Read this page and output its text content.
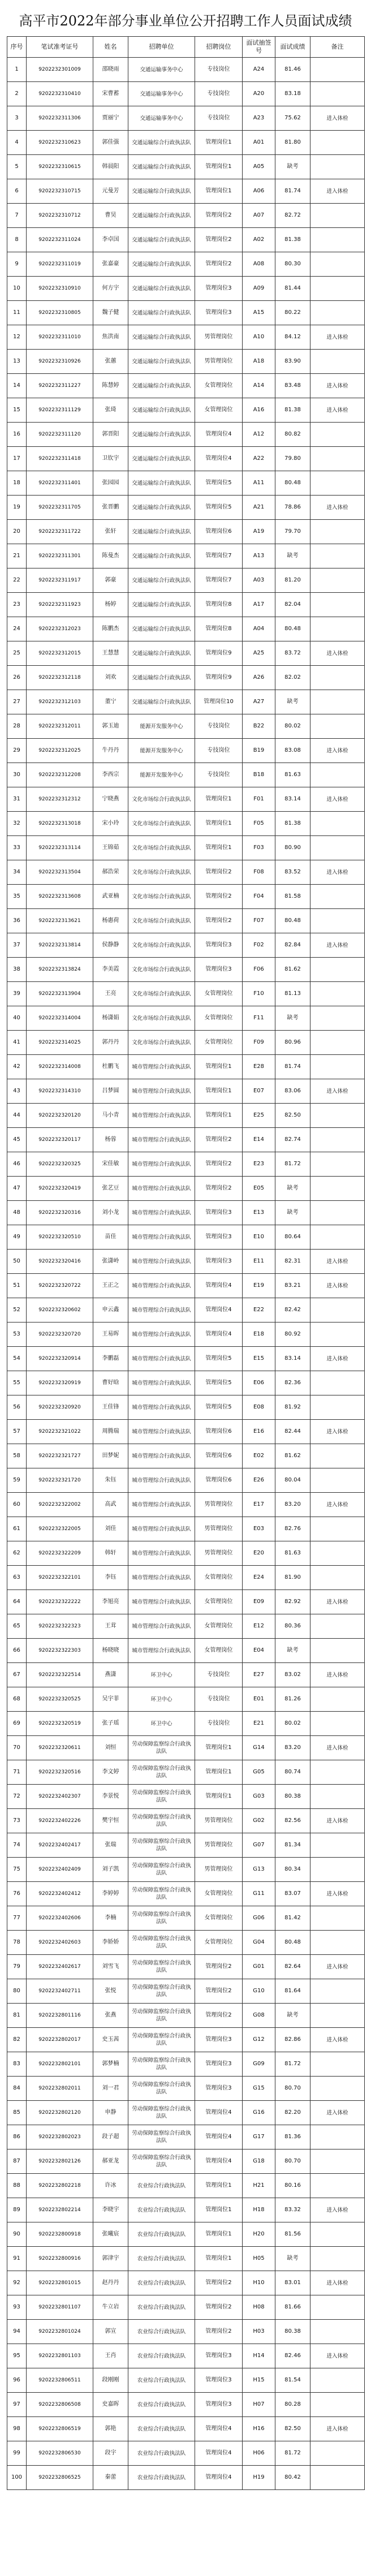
高平市2022年部分事业单位公开招聘工作人员面试成绩
序号	笔试准考证号	姓名	招聘单位	招聘岗位	面试抽签号	面试成绩	备注
1	9202232301009	邵晓雨	交通运输事务中心	专技岗位	A24	81.46	
2	9202232310410	宋曹蓄	交通运输事务中心	专技岗位	A20	83.18	
3	9202232311306	贾丽宁	交通运输事务中心	专技岗位	A23	75.62	进入体检
4	9202232310623	郭佳强	交通运输综合行政执法队	管理岗位1	A01	81.80	
5	9202232310615	韩晨阳	交通运输综合行政执法队	管理岗位1	A05	缺考	
6	9202232310715	元曼芳	交通运输综合行政执法队	管理岗位1	A06	81.74	进入体检
7	9202232310712	曹昊	交通运输综合行政执法队	管理岗位2	A07	82.72	
8	9202232311024	李卓国	交通运输综合行政执法队	管理岗位2	A02	81.38	
9	9202232311019	张嘉豪	交通运输综合行政执法队	管理岗位2	A08	80.30	
10	9202232310910	何方宇	交通运输综合行政执法队	管理岗位3	A09	81.44	
11	9202232310805	魏子健	交通运输综合行政执法队	管理岗位3	A15	80.22	
12	9202232311010	焦洪南	交通运输综合行政执法队	男管理岗位	A10	84.12	进入体检
13	9202232310926	张蕙	交通运输综合行政执法队	男管理岗位	A18	83.90	
14	9202232311227	陈慧婷	交通运输综合行政执法队	女管理岗位	A14	83.48	进入体检
15	9202232311129	张琦	交通运输综合行政执法队	女管理岗位	A16	81.38	进入体检
16	9202232311120	郭晋阳	交通运输综合行政执法队	管理岗位4	A12	80.82	
17	9202232311418	卫钦宇	交通运输综合行政执法队	管理岗位4	A22	79.80	
18	9202232311401	张园园	交通运输综合行政执法队	管理岗位5	A11	80.48	
19	9202232311705	张晋鹏	交通运输综合行政执法队	管理岗位5	A21	78.86	进入体检
20	9202232311722	张轩	交通运输综合行政执法队	管理岗位6	A19	79.70	
21	9202232311301	陈曼杰	交通运输综合行政执法队	管理岗位7	A13	缺考	
22	9202232311917	郭豪	交通运输综合行政执法队	管理岗位7	A03	81.20	
23	9202232311923	杨婷	交通运输综合行政执法队	管理岗位8	A17	82.04	
24	9202232312023	陈鹏杰	交通运输综合行政执法队	管理岗位8	A04	80.48	
25	9202232312015	王慧慧	交通运输综合行政执法队	管理岗位9	A25	83.72	进入体检
26	9202232312118	刘欢	交通运输综合行政执法队	管理岗位9	A26	82.02	
27	9202232312103	董宁	交通运输综合行政执法队	管理岗位10	A27	缺考	
28	9202232312011	郭玉迪	能源开发服务中心	专技岗位	B22	80.02	
29	9202232312025	牛丹丹	能源开发服务中心	专技岗位	B19	83.08	进入体检
30	9202232312208	李西宗	能源开发服务中心	专技岗位	B18	81.63	
31	9202232312312	宁晓燕	文化市场综合行政执法队	管理岗位1	F01	83.14	进入体检
32	9202232313018	宋小玲	文化市场综合行政执法队	管理岗位1	F05	81.38	
33	9202232313114	王锦茹	文化市场综合行政执法队	管理岗位1	F03	80.90	
34	9202232313504	郝浩荣	文化市场综合行政执法队	管理岗位2	F08	83.52	进入体检
35	9202232313608	武亚楠	文化市场综合行政执法队	管理岗位2	F04	81.58	
36	9202232313621	杨惠荷	文化市场综合行政执法队	管理岗位2	F07	80.48	
37	9202232313814	侯静静	文化市场综合行政执法队	管理岗位3	F02	82.84	进入体检
38	9202232313824	李美霞	文化市场综合行政执法队	管理岗位3	F06	81.62	
39	9202232313904	王亮	文化市场综合行政执法队	女管理岗位	F10	81.13	
40	9202232314004	杨潇娟	文化市场综合行政执法队	女管理岗位	F11	缺考	
41	9202232314025	郭丹丹	文化市场综合行政执法队	女管理岗位	F09	80.96	
42	9202232314008	杜鹏飞	城市管理综合行政执法队	管理岗位1	E28	81.74	
43	9202232314310	吕梦圆	城市管理综合行政执法队	管理岗位1	E07	83.06	进入体检
44	9202232320120	马小青	城市管理综合行政执法队	管理岗位1	E25	82.50	
45	9202232320117	杨蓉	城市管理综合行政执法队	管理岗位2	E14	82.74	
46	9202232320325	宋佳敏	城市管理综合行政执法队	管理岗位2	E23	81.72	
47	9202232320419	张艺豆	城市管理综合行政执法队	管理岗位2	E05	缺考	
48	9202232320316	刘小龙	城市管理综合行政执法队	管理岗位3	E13	缺考	
49	9202232320510	苗佳	城市管理综合行政执法队	管理岗位3	E10	80.64	
50	9202232320416	张潇岭	城市管理综合行政执法队	管理岗位3	E11	82.31	进入体检
51	9202232320722	王正之	城市管理综合行政执法队	管理岗位4	E19	83.21	进入体检
52	9202232320602	申云鑫	城市管理综合行政执法队	管理岗位4	E22	82.42	
53	9202232320720	王易晖	城市管理综合行政执法队	管理岗位4	E18	80.92	
54	9202232320914	李鹏磊	城市管理综合行政执法队	管理岗位5	E15	83.14	进入体检
55	9202232320919	曹好晗	城市管理综合行政执法队	管理岗位5	E06	82.36	
56	9202232320920	王佳锋	城市管理综合行政执法队	管理岗位5	E08	81.92	
57	9202232321022	周腾瑞	城市管理综合行政执法队	管理岗位6	E16	82.44	进入体检
58	9202232321727	田梦妮	城市管理综合行政执法队	管理岗位6	E02	81.62	
59	9202232321720	朱钰	城市管理综合行政执法队	管理岗位6	E26	80.04	
60	9202232322002	高武	城市管理综合行政执法队	男管理岗位	E17	83.20	进入体检
61	9202232322005	刘佳	城市管理综合行政执法队	男管理岗位	E03	82.76	
62	9202232322209	韩轩	城市管理综合行政执法队	男管理岗位	E20	81.63	
63	9202232322101	李钰	城市管理综合行政执法队	女管理岗位	E24	81.90	
64	9202232322222	李旭亮	城市管理综合行政执法队	女管理岗位	E09	82.92	进入体检
65	9202232322323	王茸	城市管理综合行政执法队	女管理岗位	E12	80.36	
66	9202232322303	杨晓晓	城市管理综合行政执法队	女管理岗位	E04	缺考	
67	9202232322514	燕潇	环卫中心	专技岗位	E27	83.02	进入体检
68	9202232320525	吴宇菲	环卫中心	专技岗位	E01	81.26	
69	9202232320519	张子瑶	环卫中心	专技岗位	E21	80.02	
70	9202232320611	刘恒	劳动保障监察综合行政执法队	管理岗位1	G14	83.20	进入体检
71	9202232320516	李文婷	劳动保障监察综合行政执法队	管理岗位1	G05	80.74	
72	9202232402307	李景悦	劳动保障监察综合行政执法队	管理岗位1	G03	80.38	
73	9202232402226	樊宇恒	劳动保障监察综合行政执法队	男管理岗位	G02	82.56	进入体检
74	9202232402417	张瑞	劳动保障监察综合行政执法队	男管理岗位	G07	81.34	
75	9202232402409	刘子凯	劳动保障监察综合行政执法队	男管理岗位	G13	80.34	
76	9202232402412	李婷婷	劳动保障监察综合行政执法队	女管理岗位	G11	83.07	进入体检
77	9202232402606	李楠	劳动保障监察综合行政执法队	女管理岗位	G06	81.42	
78	9202232402603	李娇娇	劳动保障监察综合行政执法队	女管理岗位	G04	80.48	
79	9202232402617	刘雪飞	劳动保障监察综合行政执法队	管理岗位2	G01	82.64	进入体检
80	9202232402711	张悦	劳动保障监察综合行政执法队	管理岗位2	G10	81.64	
81	9202232801116	张燕	劳动保障监察综合行政执法队	管理岗位2	G08	缺考	
82	9202232802017	史玉茜	劳动保障监察综合行政执法队	管理岗位3	G12	82.86	进入体检
83	9202232802101	郭梦楠	劳动保障监察综合行政执法队	管理岗位3	G09	81.72	
84	9202232802011	刘一君	劳动保障监察综合行政执法队	管理岗位3	G15	80.70	
85	9202232802120	申静	劳动保障监察综合行政执法队	管理岗位4	G16	82.20	进入体检
86	9202232802023	段子超	劳动保障监察综合行政执法队	管理岗位4	G17	81.36	
87	9202232802126	郝亚龙	劳动保障监察综合行政执法队	管理岗位4	G18	80.70	
88	9202232802218	许冰	农业综合行政执法队	管理岗位1	H21	80.16	
89	9202232802214	李晓宇	农业综合行政执法队	管理岗位1	H18	83.32	进入体检
90	9202232800918	张曦宸	农业综合行政执法队	管理岗位1	H20	81.56	
91	9202232800916	郭津宇	农业综合行政执法队	管理岗位1	H05	缺考	
92	9202232801015	赵丹丹	农业综合行政执法队	管理岗位2	H10	83.01	进入体检
93	9202232801107	牛立岩	农业综合行政执法队	管理岗位2	H08	81.66	
94	9202232801024	郭宣	农业综合行政执法队	管理岗位2	H03	80.38	
95	9202232801103	王肖	农业综合行政执法队	管理岗位3	H14	82.46	进入体检
96	9202232806511	段刚刚	农业综合行政执法队	管理岗位3	H15	81.54	
97	9202232806508	史嘉晖	农业综合行政执法队	管理岗位3	H07	80.28	
98	9202232806519	郭艳	农业综合行政执法队	管理岗位4	H16	82.50	进入体检
99	9202232806530	段宇	农业综合行政执法队	管理岗位4	H06	81.72	
100	9202232806525	秦蕾	农业综合行政执法队	管理岗位4	H19	80.42	
